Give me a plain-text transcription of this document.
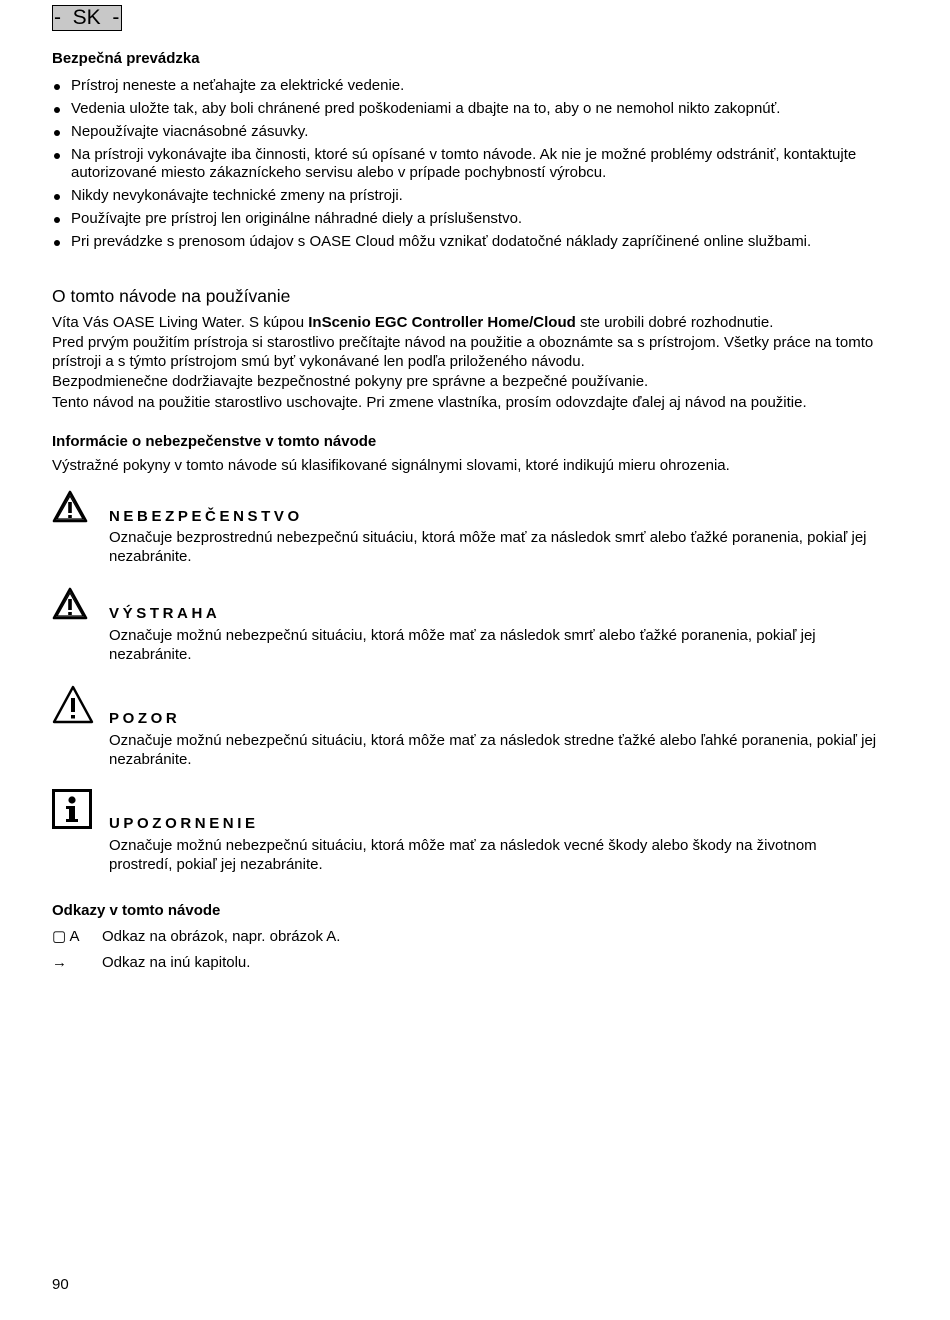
-  SK  -
Bezpečná prevádzka
Prístroj neneste a neťahajte za elektrické vedenie.
Vedenia uložte tak, aby boli chránené pred poškodeniami a dbajte na to, aby o ne nemohol nikto zakopnúť.
Nepoužívajte viacnásobné zásuvky.
Na prístroji vykonávajte iba činnosti, ktoré sú opísané v tomto návode. Ak nie je možné problémy odstrániť, kontaktujte autorizované miesto zákazníckeho servisu alebo v prípade pochybností výrobcu.
Nikdy nevykonávajte technické zmeny na prístroji.
Používajte pre prístroj len originálne náhradné diely a príslušenstvo.
Pri prevádzke s prenosom údajov s OASE Cloud môžu vznikať dodatočné náklady zapríčinené online službami.
O tomto návode na používanie
Víta Vás OASE Living Water. S kúpou InScenio EGC Controller Home/Cloud ste urobili dobré rozhodnutie.
Pred prvým použitím prístroja si starostlivo prečítajte návod na použitie a oboznámte sa s prístrojom. Všetky práce na tomto prístroji a s týmto prístrojom smú byť vykonávané len podľa priloženého návodu.
Bezpodmienečne dodržiavajte bezpečnostné pokyny pre správne a bezpečné používanie.
Tento návod na použitie starostlivo uschovajte. Pri zmene vlastníka, prosím odovzdajte ďalej aj návod na použitie.
Informácie o nebezpečenstve v tomto návode
Výstražné pokyny v tomto návode sú klasifikované signálnymi slovami, ktoré indikujú mieru ohrozenia.
NEBEZPEČENSTVO
Označuje bezprostrednú nebezpečnú situáciu, ktorá môže mať za následok smrť alebo ťažké poranenia, pokiaľ jej nezabránite.
VÝSTRAHA
Označuje možnú nebezpečnú situáciu, ktorá môže mať za následok smrť alebo ťažké poranenia, pokiaľ jej nezabránite.
POZOR
Označuje možnú nebezpečnú situáciu, ktorá môže mať za následok stredne ťažké alebo ľahké poranenia, pokiaľ jej nezabránite.
UPOZORNENIE
Označuje možnú nebezpečnú situáciu, ktorá môže mať za následok vecné škody alebo škody na životnom prostredí, pokiaľ jej nezabránite.
Odkazy v tomto návode
▢ A Odkaz na obrázok, napr. obrázok A.
→ Odkaz na inú kapitolu.
90
